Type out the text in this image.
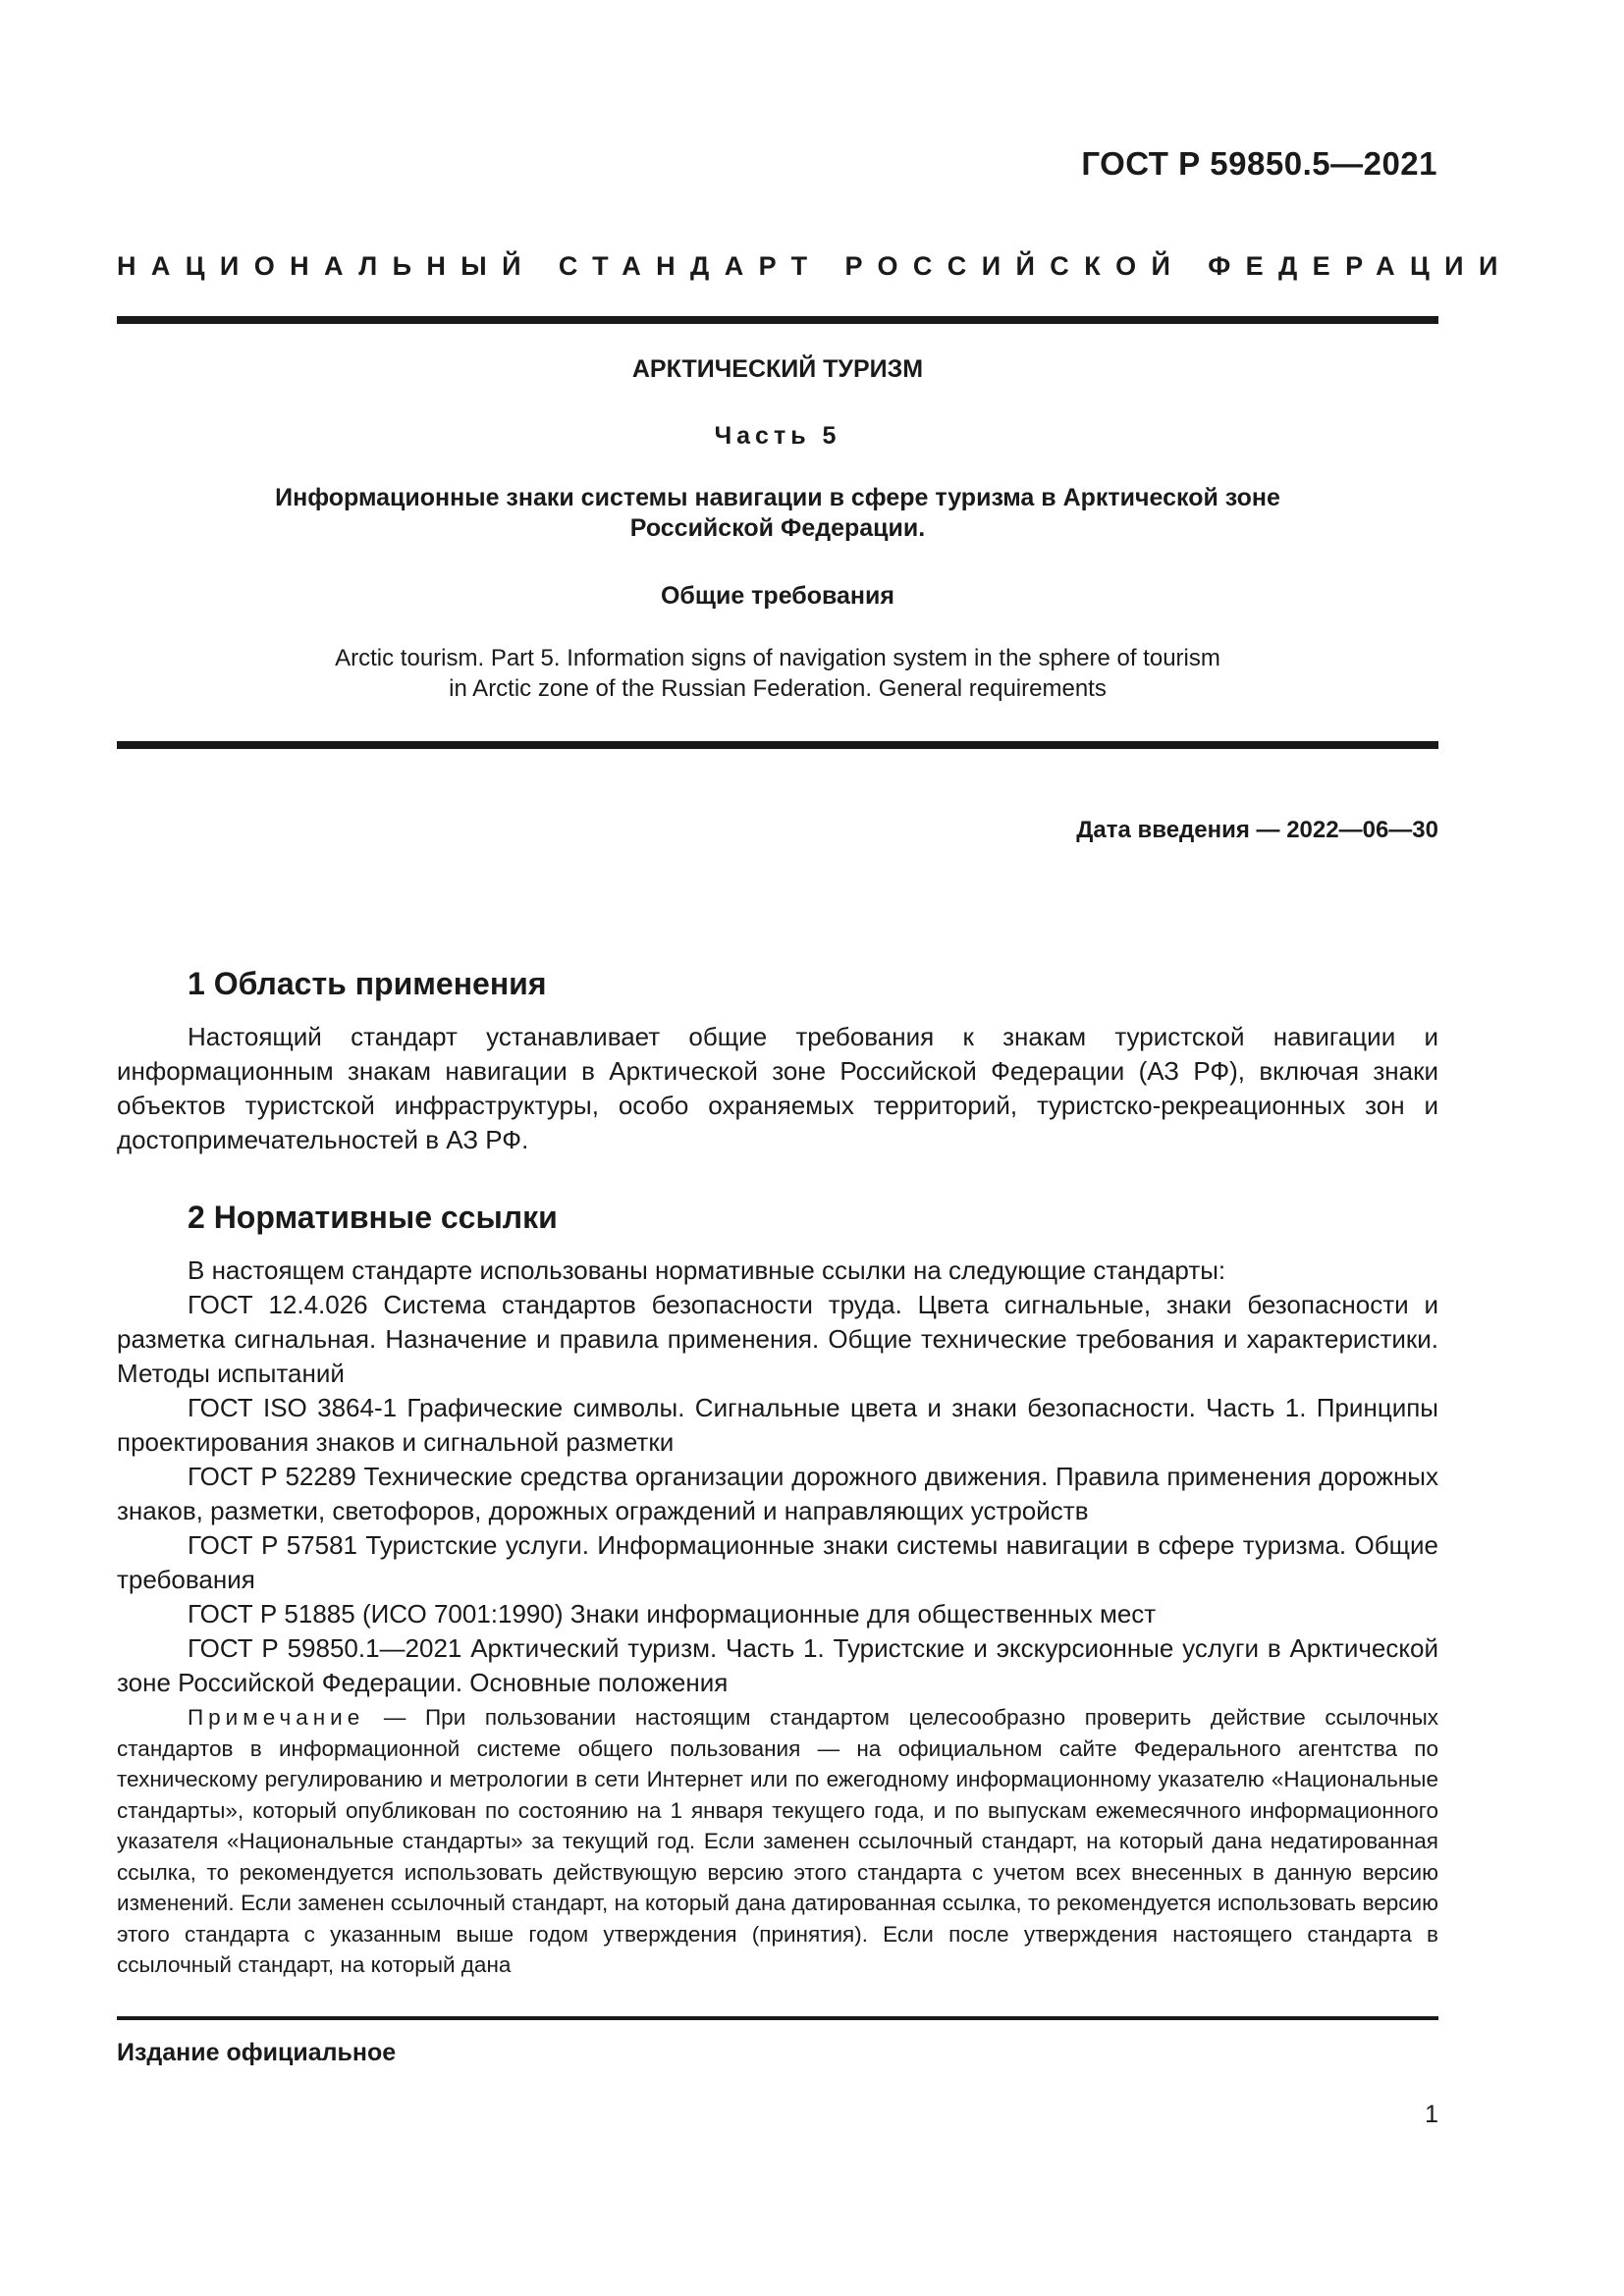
ГОСТ Р 59850.5—2021
НАЦИОНАЛЬНЫЙ СТАНДАРТ РОССИЙСКОЙ ФЕДЕРАЦИИ
АРКТИЧЕСКИЙ ТУРИЗМ
Часть 5
Информационные знаки системы навигации в сфере туризма в Арктической зоне
Российской Федерации.
Общие требования
Arctic tourism. Part 5. Information signs of navigation system in the sphere of tourism
in Arctic zone of the Russian Federation. General requirements
Дата введения — 2022—06—30
1 Область применения

Настоящий стандарт устанавливает общие требования к знакам туристской навигации и информационным знакам навигации в Арктической зоне Российской Федерации (АЗ РФ), включая знаки объектов туристской инфраструктуры, особо охраняемых территорий, туристско-рекреационных зон и достопримечательностей в АЗ РФ.

2 Нормативные ссылки

В настоящем стандарте использованы нормативные ссылки на следующие стандарты:

ГОСТ 12.4.026 Система стандартов безопасности труда. Цвета сигнальные, знаки безопасности и разметка сигнальная. Назначение и правила применения. Общие технические требования и характеристики. Методы испытаний

ГОСТ ISO 3864-1 Графические символы. Сигнальные цвета и знаки безопасности. Часть 1. Принципы проектирования знаков и сигнальной разметки

ГОСТ Р 52289 Технические средства организации дорожного движения. Правила применения дорожных знаков, разметки, светофоров, дорожных ограждений и направляющих устройств

ГОСТ Р 57581 Туристские услуги. Информационные знаки системы навигации в сфере туризма. Общие требования

ГОСТ Р 51885 (ИСО 7001:1990) Знаки информационные для общественных мест

ГОСТ Р 59850.1—2021 Арктический туризм. Часть 1. Туристские и экскурсионные услуги в Арктической зоне Российской Федерации. Основные положения

Примечание — При пользовании настоящим стандартом целесообразно проверить действие ссылочных стандартов в информационной системе общего пользования — на официальном сайте Федерального агентства по техническому регулированию и метрологии в сети Интернет или по ежегодному информационному указателю «Национальные стандарты», который опубликован по состоянию на 1 января текущего года, и по выпускам ежемесячного информационного указателя «Национальные стандарты» за текущий год. Если заменен ссылочный стандарт, на который дана недатированная ссылка, то рекомендуется использовать действующую версию этого стандарта с учетом всех внесенных в данную версию изменений. Если заменен ссылочный стандарт, на который дана датированная ссылка, то рекомендуется использовать версию этого стандарта с указанным выше годом утверждения (принятия). Если после утверждения настоящего стандарта в ссылочный стандарт, на который дана
Издание официальное
1
